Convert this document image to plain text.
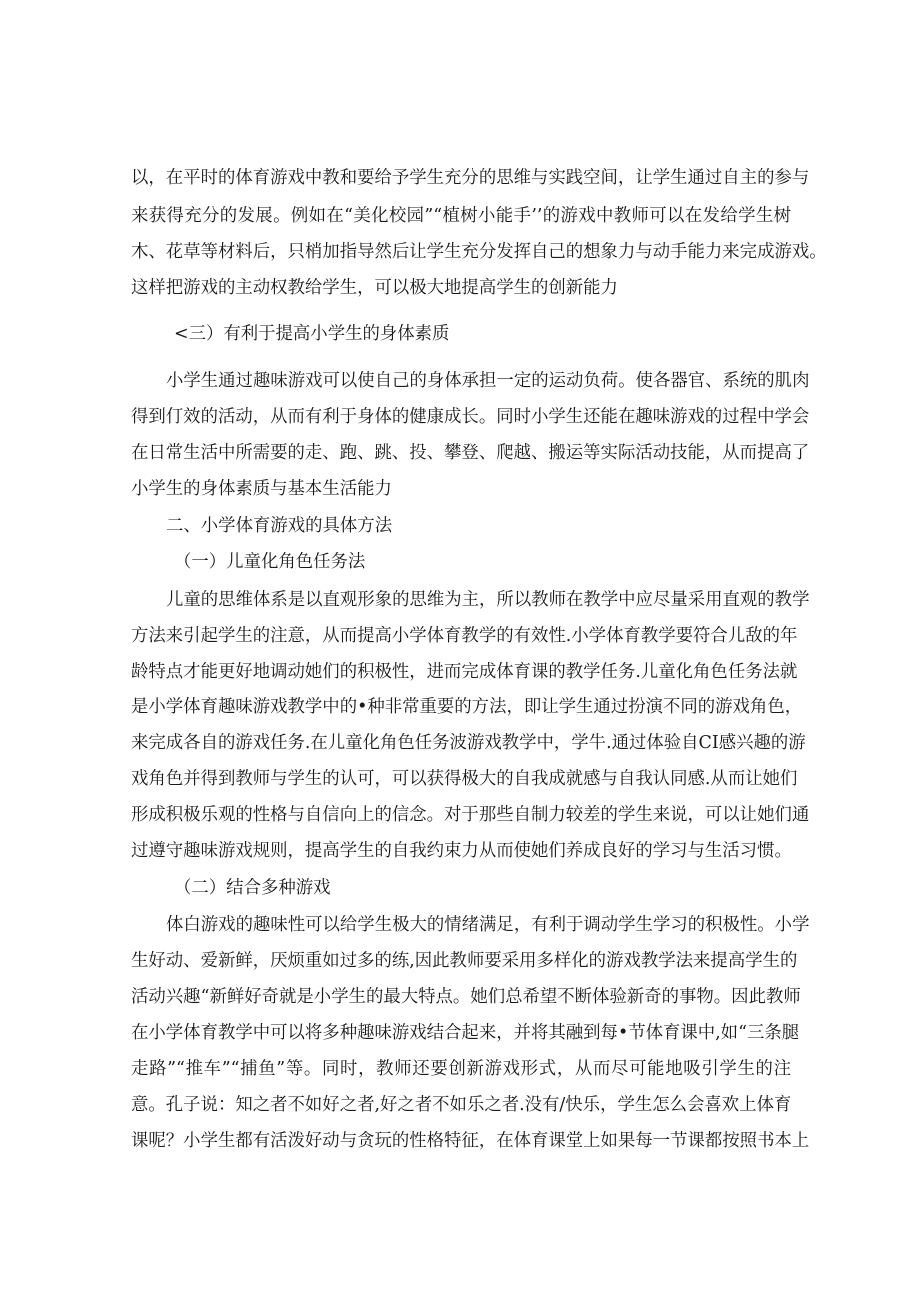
以，在平时的体育游戏中教和要给予学生充分的思维与实践空间，让学生通过自主的参与
来获得充分的发展。例如在“美化校园”“植树小能手’’的游戏中教师可以在发给学生树
木、花草等材料后，只梢加指导然后让学生充分发挥自己的想象力与动手能力来完成游戏。
这样把游戏的主动权教给学生，可以极大地提高学生的创新能力
<三）有利于提高小学生的身体素质
小学生通过趣味游戏可以使自己的身体承担一定的运动负荷。使各器官、系统的肌肉
得到仃效的活动，从而有利于身体的健康成长。同时小学生还能在趣味游戏的过程中学会
在日常生活中所需要的走、跑、跳、投、攀登、爬越、搬运等实际活动技能，从而提高了
小学生的身体素质与基本生活能力
二、小学体育游戏的具体方法
（一）儿童化角色任务法
儿童的思维体系是以直观形象的思维为主，所以教师在教学中应尽量采用直观的教学
方法来引起学生的注意，从而提高小学体育教学的有效性.小学体育教学要符合儿敌的年
龄特点才能更好地调动她们的积极性，进而完成体育课的教学任务.儿童化角色任务法就
是小学体育趣味游戏教学中的•种非常重要的方法，即让学生通过扮演不同的游戏角色，
来完成各自的游戏任务.在儿童化角色任务波游戏教学中，学牛.通过体验自CI感兴趣的游
戏角色并得到教师与学生的认可，可以获得极大的自我成就感与自我认同感.从而让她们
形成积极乐观的性格与自信向上的信念。对于那些自制力较差的学生来说，可以让她们通
过遵守趣味游戏规则，提高学生的自我约束力从而使她们养成良好的学习与生活习惯。
（二）结合多种游戏
体白游戏的趣味性可以给学生极大的情绪满足，有利于调动学生学习的积极性。小学
生好动、爱新鲜，厌烦重如过多的练,因此教师要采用多样化的游戏教学法来提高学生的
活动兴趣“新鲜好奇就是小学生的最大特点。她们总希望不断体验新奇的事物。因此教师
在小学体育教学中可以将多种趣味游戏结合起来，并将其融到每•节体育课中,如“三条腿
走路”“推车”“捕鱼”等。同时，教师还要创新游戏形式，从而尽可能地吸引学生的注
意。孔子说：知之者不如好之者,好之者不如乐之者.没有/快乐，学生怎么会喜欢上体育
课呢？小学生都有活泼好动与贪玩的性格特征，在体育课堂上如果每一节课都按照书本上
